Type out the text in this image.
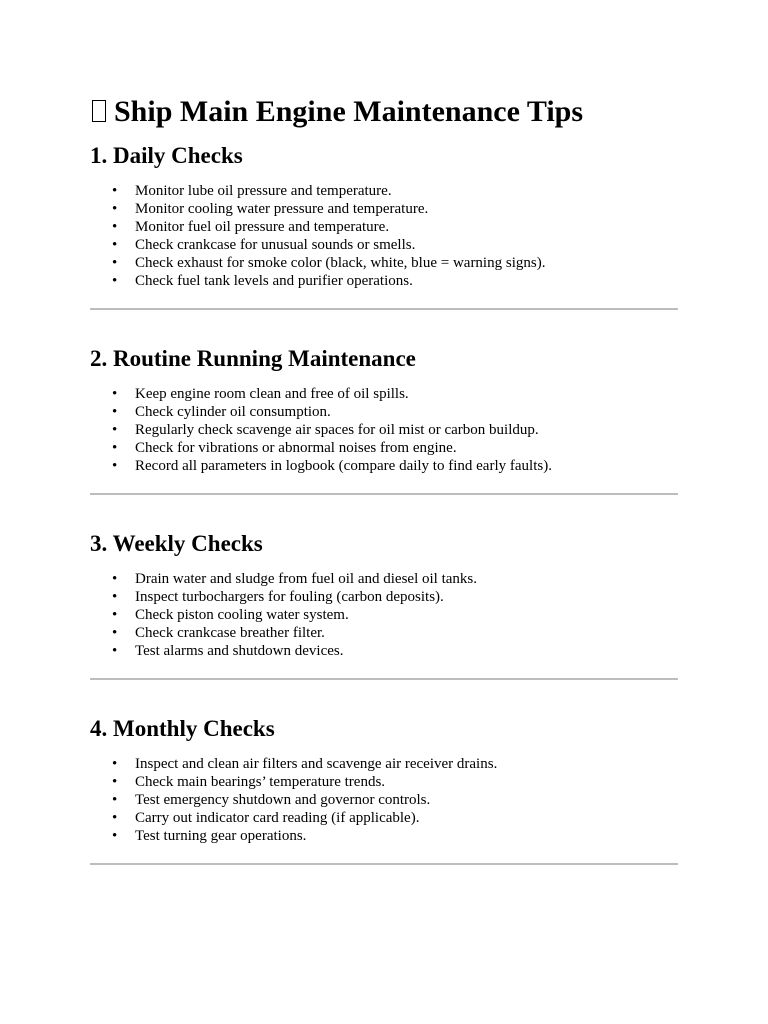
Ship Main Engine Maintenance Tips
1. Daily Checks
• Monitor lube oil pressure and temperature.
• Monitor cooling water pressure and temperature.
• Monitor fuel oil pressure and temperature.
• Check crankcase for unusual sounds or smells.
• Check exhaust for smoke color (black, white, blue = warning signs).
• Check fuel tank levels and purifier operations.
2. Routine Running Maintenance
• Keep engine room clean and free of oil spills.
• Check cylinder oil consumption.
• Regularly check scavenge air spaces for oil mist or carbon buildup.
• Check for vibrations or abnormal noises from engine.
• Record all parameters in logbook (compare daily to find early faults).
3. Weekly Checks
• Drain water and sludge from fuel oil and diesel oil tanks.
• Inspect turbochargers for fouling (carbon deposits).
• Check piston cooling water system.
• Check crankcase breather filter.
• Test alarms and shutdown devices.
4. Monthly Checks
• Inspect and clean air filters and scavenge air receiver drains.
• Check main bearings’ temperature trends.
• Test emergency shutdown and governor controls.
• Carry out indicator card reading (if applicable).
• Test turning gear operations.
